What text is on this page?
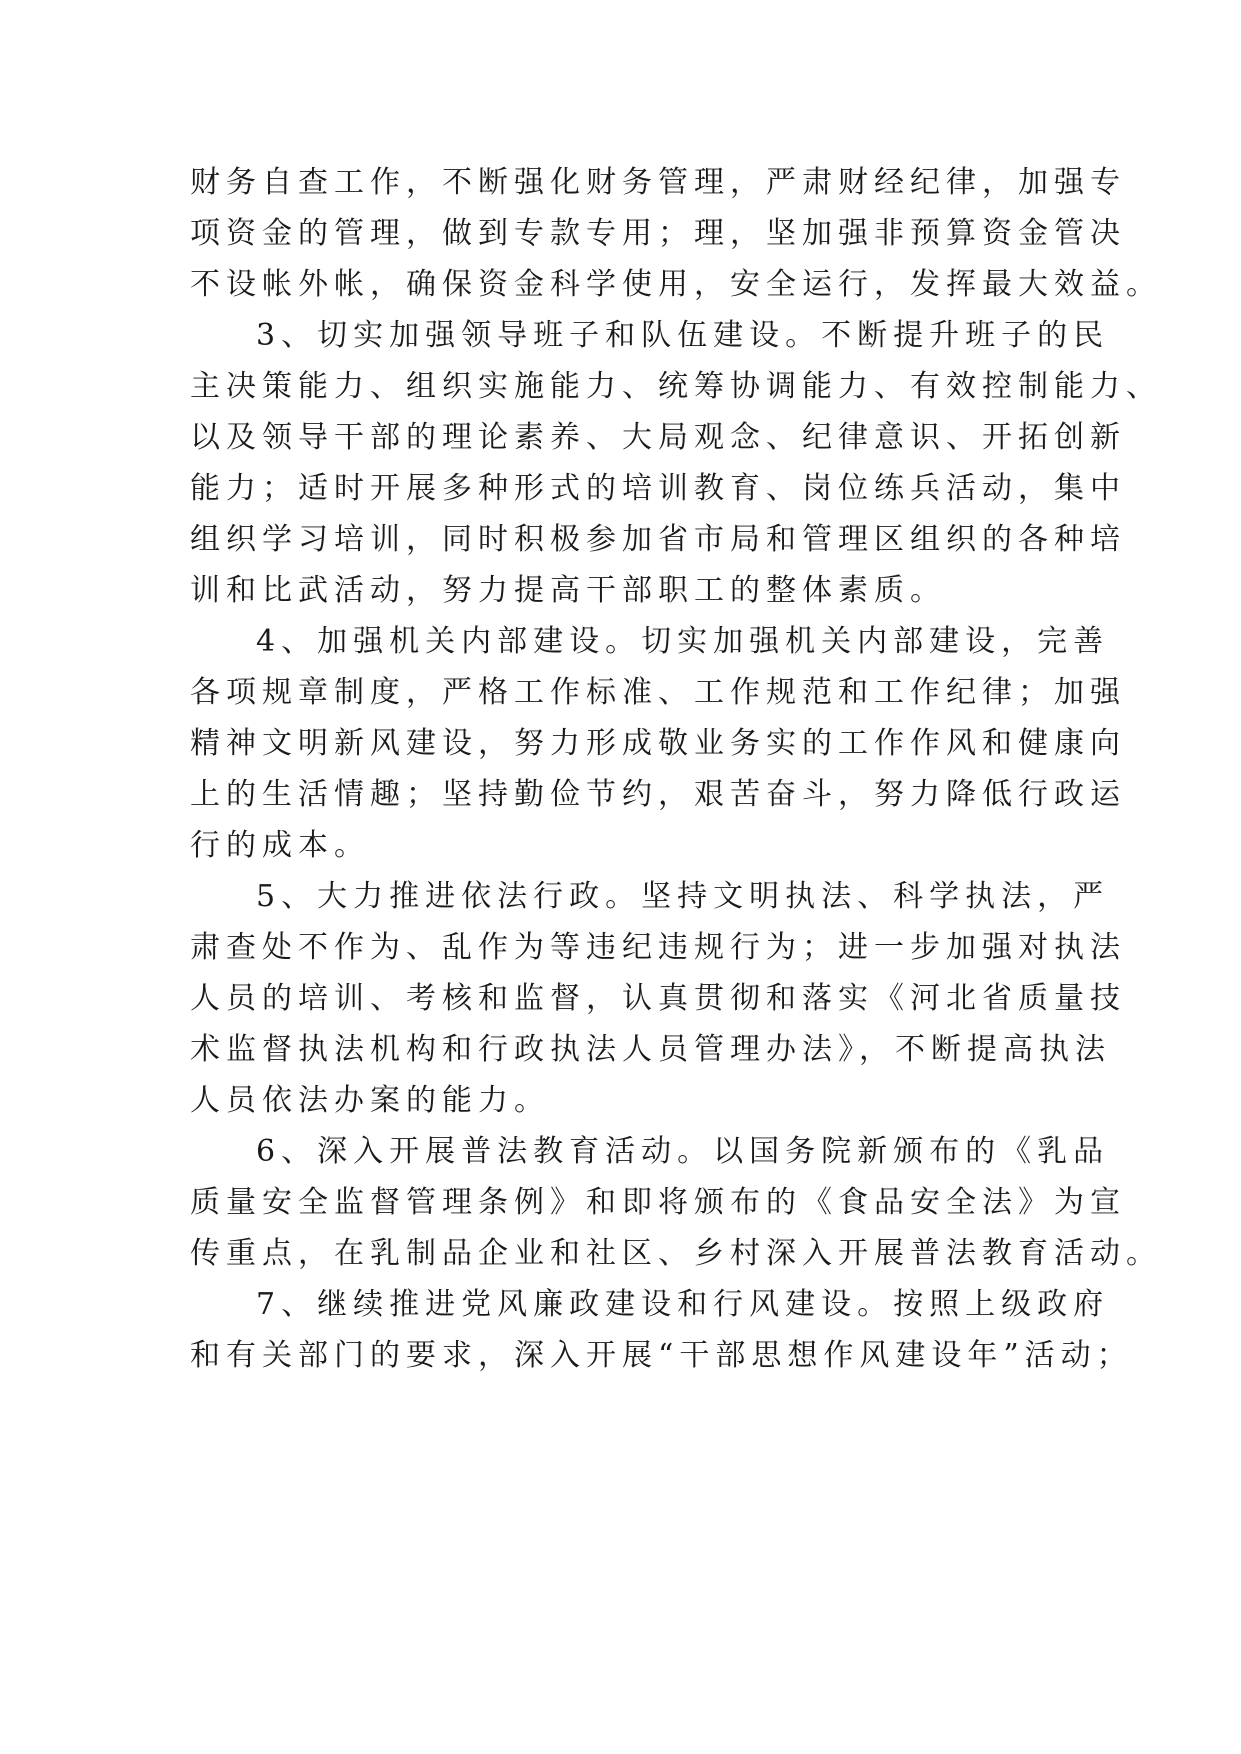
财务自查工作，不断强化财务管理，严肃财经纪律，加强专
项资金的管理，做到专款专用；理，坚加强非预算资金管决
不设帐外帐，确保资金科学使用，安全运行，发挥最大效益。
3、切实加强领导班子和队伍建设。不断提升班子的民
主决策能力、组织实施能力、统筹协调能力、有效控制能力、
以及领导干部的理论素养、大局观念、纪律意识、开拓创新
能力；适时开展多种形式的培训教育、岗位练兵活动，集中
组织学习培训，同时积极参加省市局和管理区组织的各种培
训和比武活动，努力提高干部职工的整体素质。
4、加强机关内部建设。切实加强机关内部建设，完善
各项规章制度，严格工作标准、工作规范和工作纪律；加强
精神文明新风建设，努力形成敬业务实的工作作风和健康向
上的生活情趣；坚持勤俭节约，艰苦奋斗，努力降低行政运
行的成本。
5、大力推进依法行政。坚持文明执法、科学执法，严
肃查处不作为、乱作为等违纪违规行为；进一步加强对执法
人员的培训、考核和监督，认真贯彻和落实《河北省质量技
术监督执法机构和行政执法人员管理办法》，不断提高执法
人员依法办案的能力。
6、深入开展普法教育活动。以国务院新颁布的《乳品
质量安全监督管理条例》和即将颁布的《食品安全法》为宣
传重点，在乳制品企业和社区、乡村深入开展普法教育活动。
7、继续推进党风廉政建设和行风建设。按照上级政府
和有关部门的要求，深入开展“干部思想作风建设年”活动；
